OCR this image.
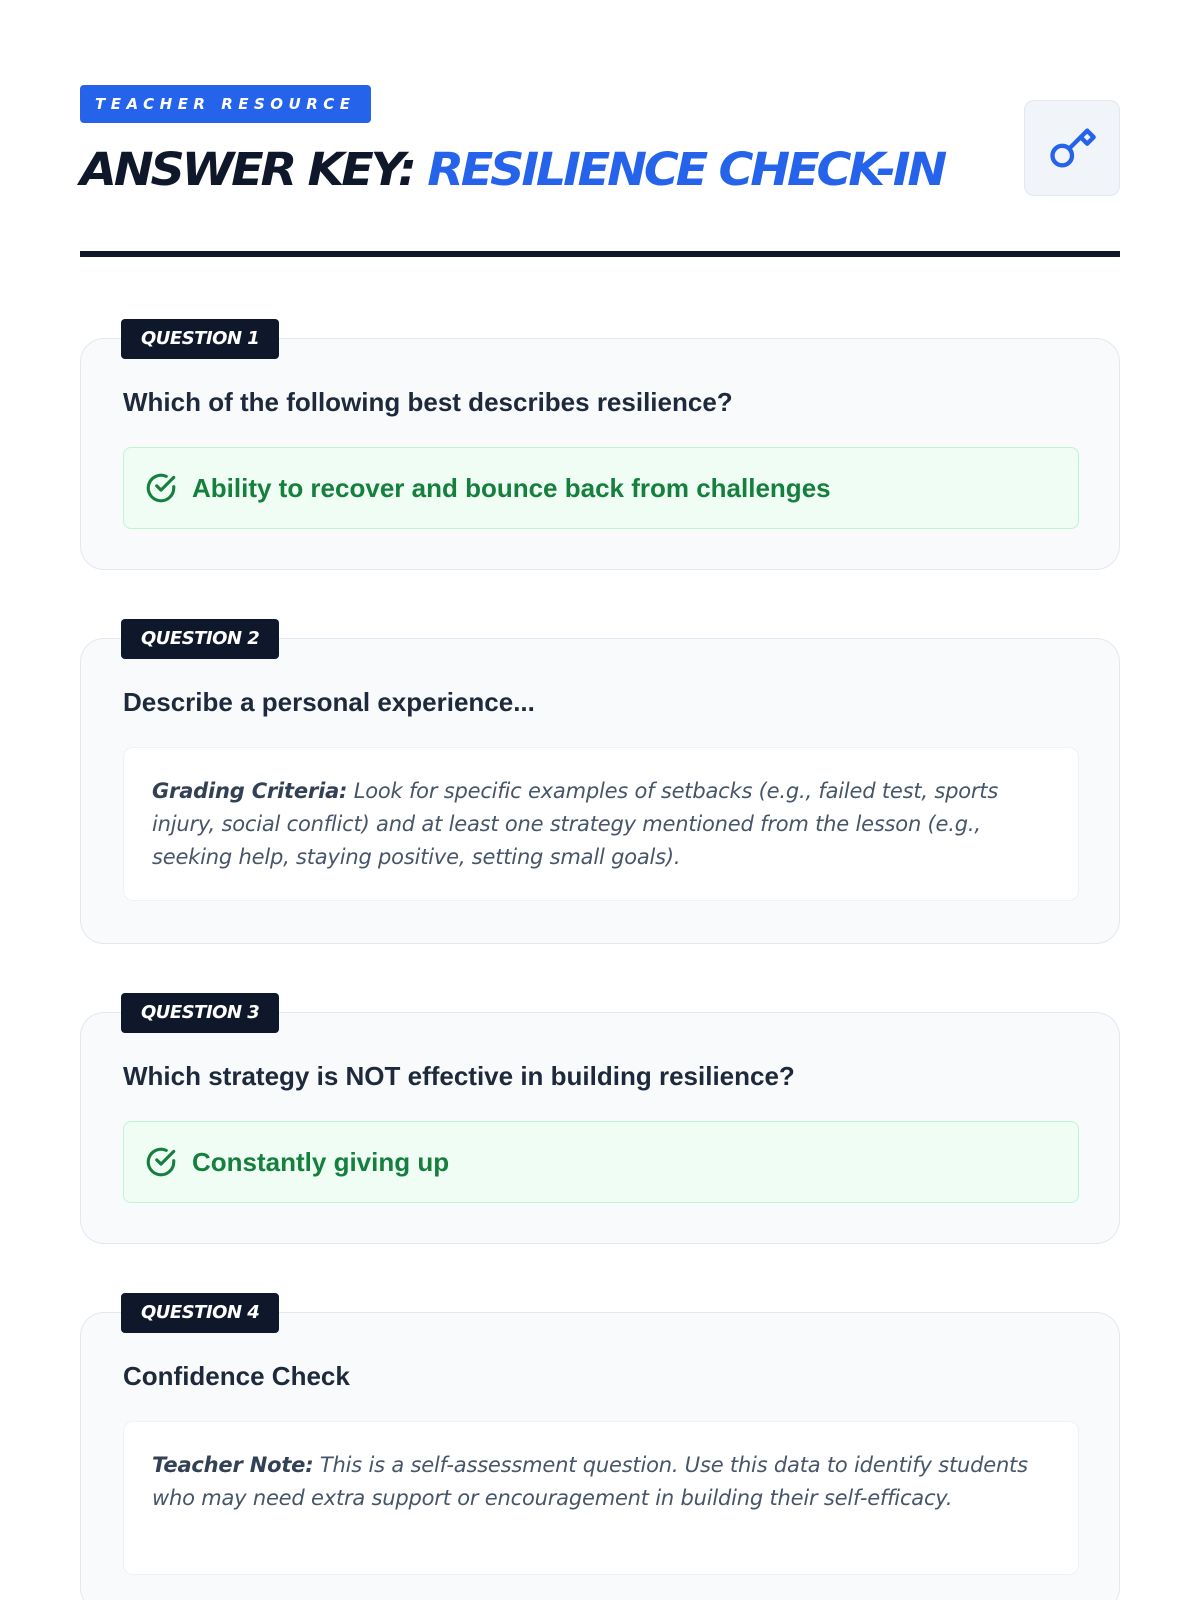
TEACHER RESOURCE
ANSWER KEY: RESILIENCE CHECK-IN
QUESTION 1
Which of the following best describes resilience?
Ability to recover and bounce back from challenges
QUESTION 2
Describe a personal experience...
Grading Criteria: Look for specific examples of setbacks (e.g., failed test, sports injury, social conflict) and at least one strategy mentioned from the lesson (e.g., seeking help, staying positive, setting small goals).
QUESTION 3
Which strategy is NOT effective in building resilience?
Constantly giving up
QUESTION 4
Confidence Check
Teacher Note: This is a self-assessment question. Use this data to identify students who may need extra support or encouragement in building their self-efficacy.
